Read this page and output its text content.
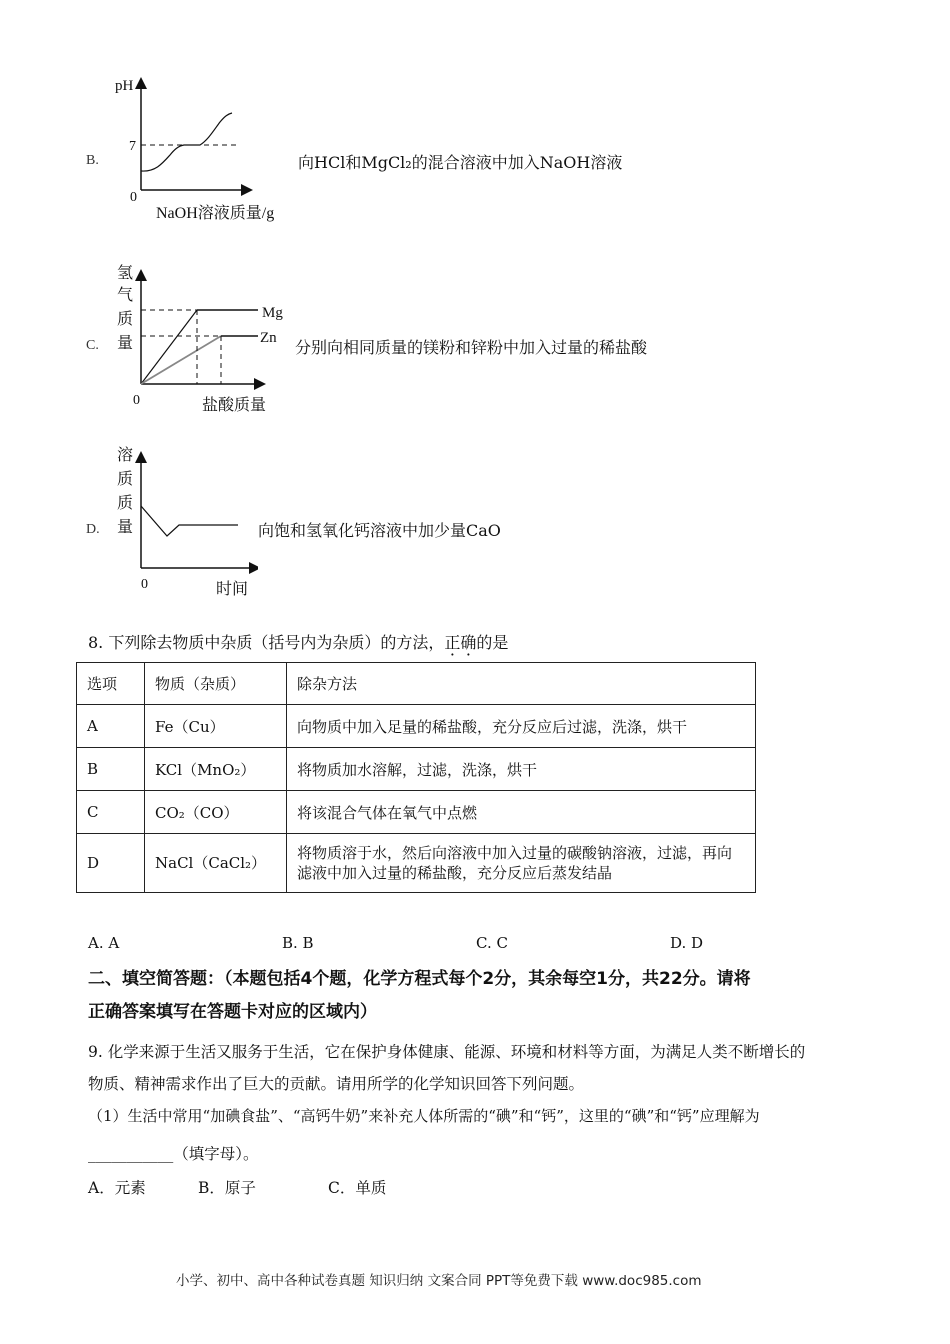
B.
pH
7
0
NaOH溶液质量/g
向HCl和MgCl₂的混合溶液中加入NaOH溶液
C.
氢
气
质
量
Mg
Zn
0	盐酸质量
分别向相同质量的镁粉和锌粉中加入过量的稀盐酸
D.
溶
质
质
量
0	时间
向饱和氢氧化钙溶液中加少量CaO
8. 下列除去物质中杂质（括号内为杂质）的方法，正确的是
选项	物质（杂质）	除杂方法
A	Fe（Cu）	向物质中加入足量的稀盐酸，充分反应后过滤，洗涤，烘干
B	KCl（MnO₂）	将物质加水溶解，过滤，洗涤，烘干
C	CO₂（CO）	将该混合气体在氧气中点燃
D	NaCl（CaCl₂）	将物质溶于水，然后向溶液中加入过量的碳酸钠溶液，过滤，再向滤液中加入过量的稀盐酸，充分反应后蒸发结晶
A. A	B. B	C. C	D. D
二、填空简答题：（本题包括4个题，化学方程式每个2分，其余每空1分，共22分。请将
正确答案填写在答题卡对应的区域内）
9. 化学来源于生活又服务于生活，它在保护身体健康、能源、环境和材料等方面，为满足人类不断增长的
物质、精神需求作出了巨大的贡献。请用所学的化学知识回答下列问题。
（1）生活中常用“加碘食盐”、“高钙牛奶”来补充人体所需的“碘”和“钙”，这里的“碘”和“钙”应理解为
___________（填字母）。
A．元素	B．原子	C．单质
小学、初中、高中各种试卷真题 知识归纳 文案合同 PPT等免费下载 www.doc985.com
